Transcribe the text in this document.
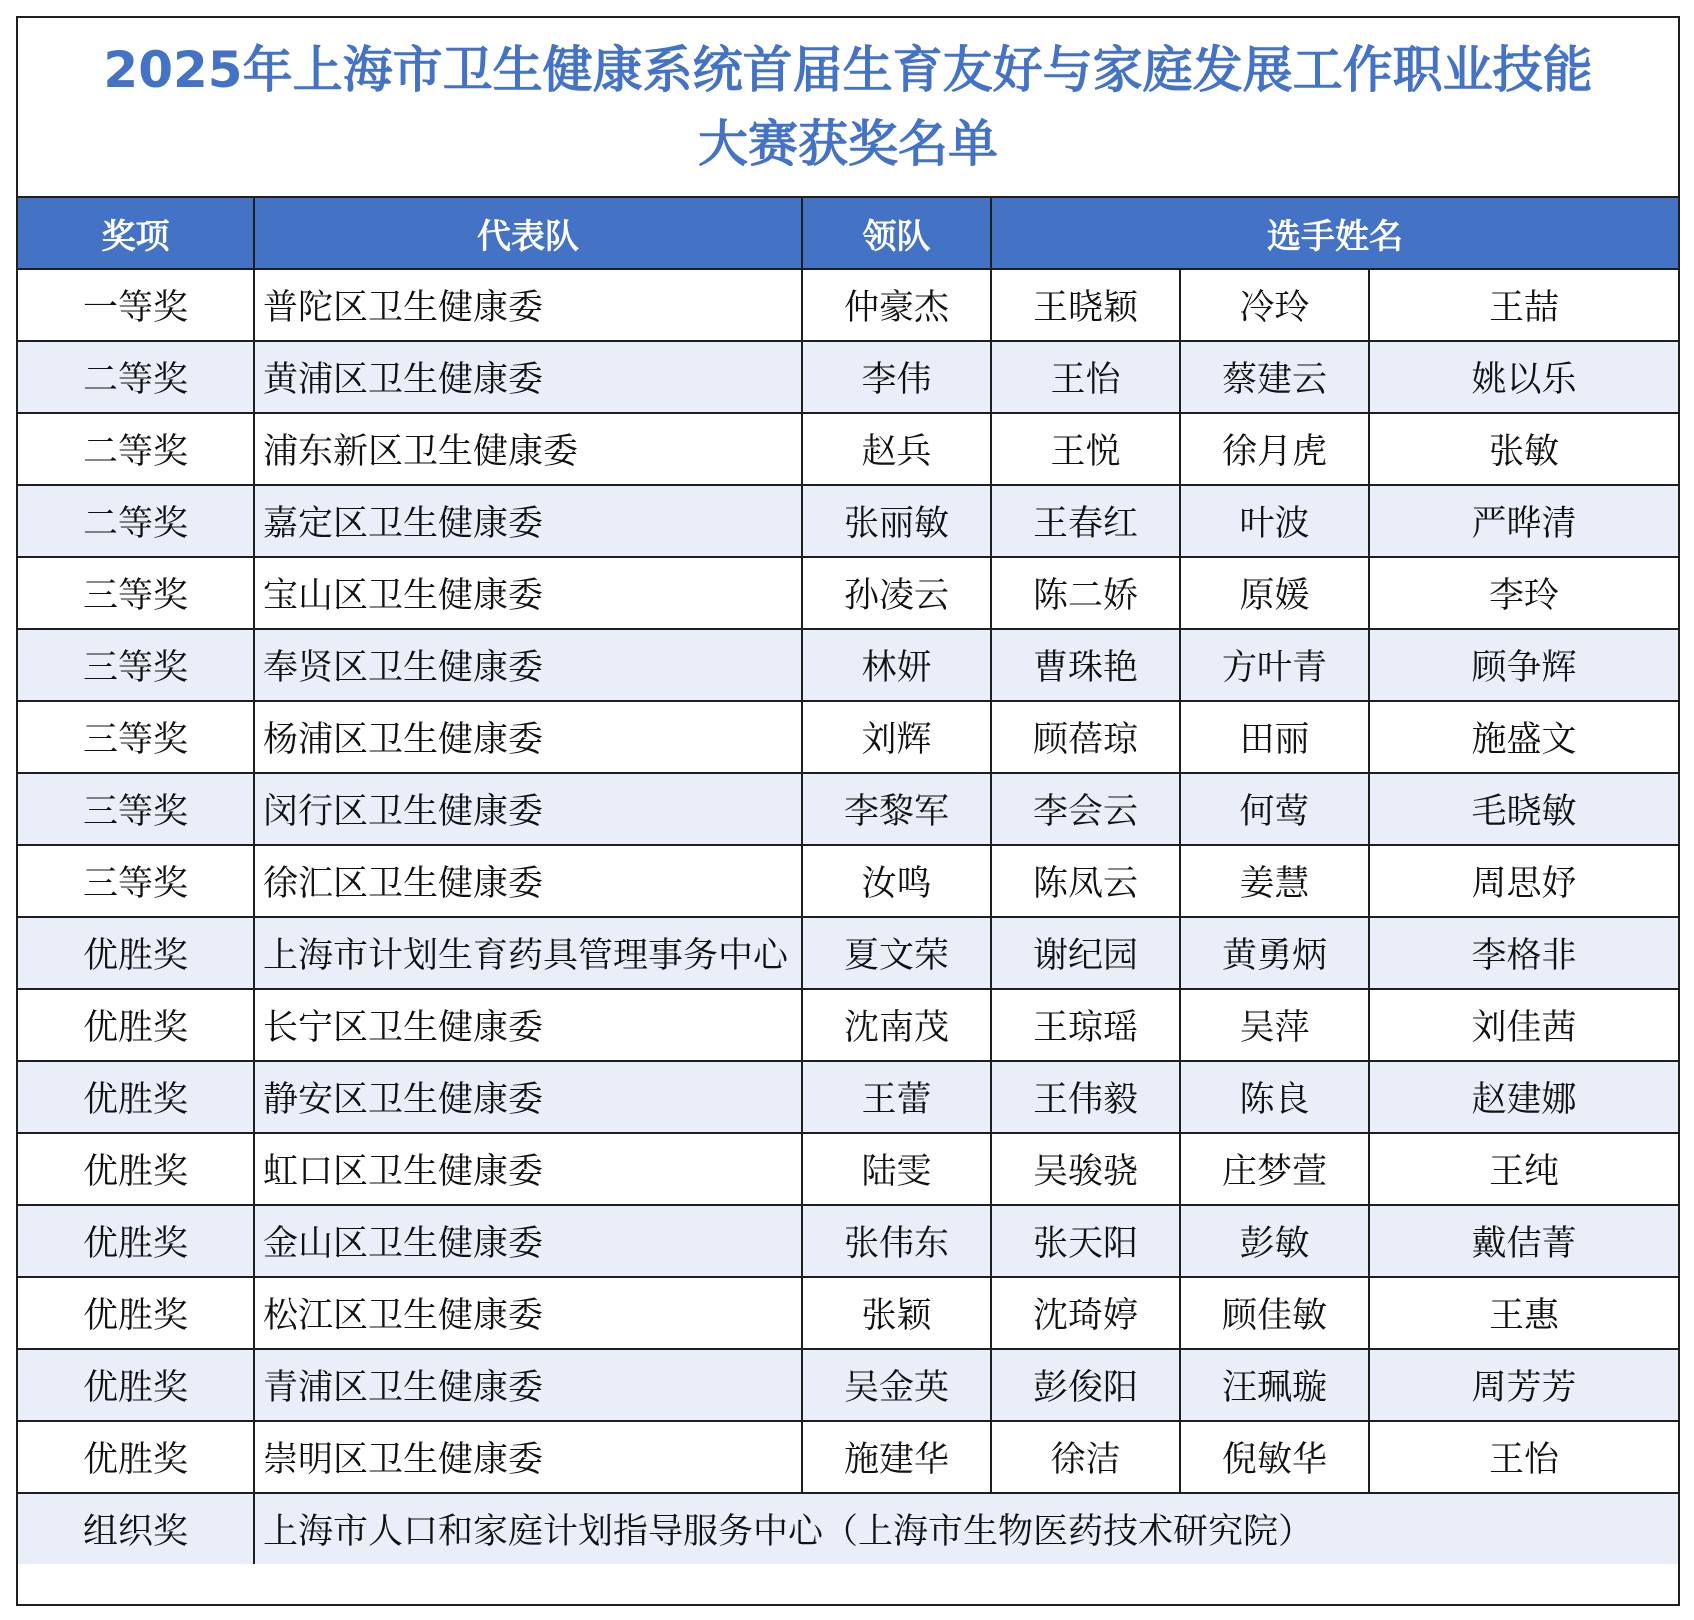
2025年上海市卫生健康系统首届生育友好与家庭发展工作职业技能
大赛获奖名单
奖项	代表队	领队	选手姓名		
一等奖	普陀区卫生健康委	仲豪杰	王晓颖	冷玲	王喆
二等奖	黄浦区卫生健康委	李伟	王怡	蔡建云	姚以乐
二等奖	浦东新区卫生健康委	赵兵	王悦	徐月虎	张敏
二等奖	嘉定区卫生健康委	张丽敏	王春红	叶波	严晔清
三等奖	宝山区卫生健康委	孙凌云	陈二娇	原媛	李玲
三等奖	奉贤区卫生健康委	林妍	曹珠艳	方叶青	顾争辉
三等奖	杨浦区卫生健康委	刘辉	顾蓓琼	田丽	施盛文
三等奖	闵行区卫生健康委	李黎军	李会云	何莺	毛晓敏
三等奖	徐汇区卫生健康委	汝鸣	陈凤云	姜慧	周思妤
优胜奖	上海市计划生育药具管理事务中心	夏文荣	谢纪园	黄勇炳	李格非
优胜奖	长宁区卫生健康委	沈南茂	王琼瑶	吴萍	刘佳茜
优胜奖	静安区卫生健康委	王蕾	王伟毅	陈良	赵建娜
优胜奖	虹口区卫生健康委	陆雯	吴骏骁	庄梦萱	王纯
优胜奖	金山区卫生健康委	张伟东	张天阳	彭敏	戴佶菁
优胜奖	松江区卫生健康委	张颖	沈琦婷	顾佳敏	王惠
优胜奖	青浦区卫生健康委	吴金英	彭俊阳	汪珮璇	周芳芳
优胜奖	崇明区卫生健康委	施建华	徐洁	倪敏华	王怡
组织奖	上海市人口和家庭计划指导服务中心（上海市生物医药技术研究院）				
